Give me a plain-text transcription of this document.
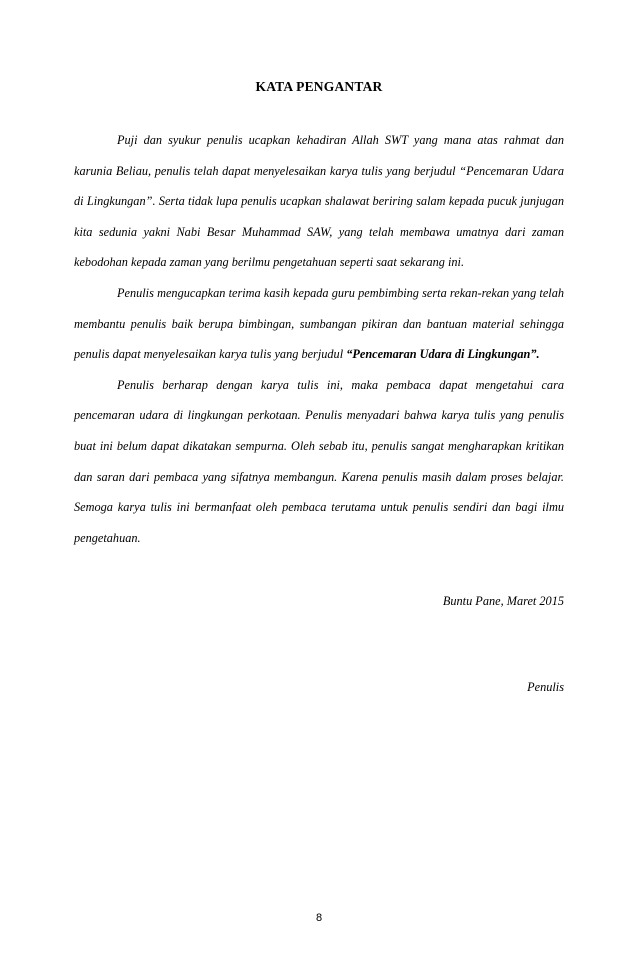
KATA PENGANTAR

Puji dan syukur penulis ucapkan kehadiran Allah SWT yang mana atas rahmat dan karunia Beliau, penulis telah dapat menyelesaikan karya tulis yang berjudul “Pencemaran Udara di Lingkungan”. Serta tidak lupa penulis ucapkan shalawat beriring salam kepada pucuk junjugan kita sedunia yakni Nabi Besar Muhammad SAW, yang telah membawa umatnya dari zaman kebodohan kepada zaman yang berilmu pengetahuan seperti saat sekarang ini.

Penulis mengucapkan terima kasih kepada guru pembimbing serta rekan-rekan yang telah membantu penulis baik berupa bimbingan, sumbangan pikiran dan bantuan material sehingga penulis dapat menyelesaikan karya tulis yang berjudul “Pencemaran Udara di Lingkungan”.

Penulis berharap dengan karya tulis ini, maka pembaca dapat mengetahui cara pencemaran udara di lingkungan perkotaan. Penulis menyadari bahwa karya tulis yang penulis buat ini belum dapat dikatakan sempurna. Oleh sebab itu, penulis sangat mengharapkan kritikan dan saran dari pembaca yang sifatnya membangun. Karena penulis masih dalam proses belajar. Semoga karya tulis ini bermanfaat oleh pembaca terutama untuk penulis sendiri dan bagi ilmu pengetahuan.

Buntu Pane, Maret 2015
Penulis
8
